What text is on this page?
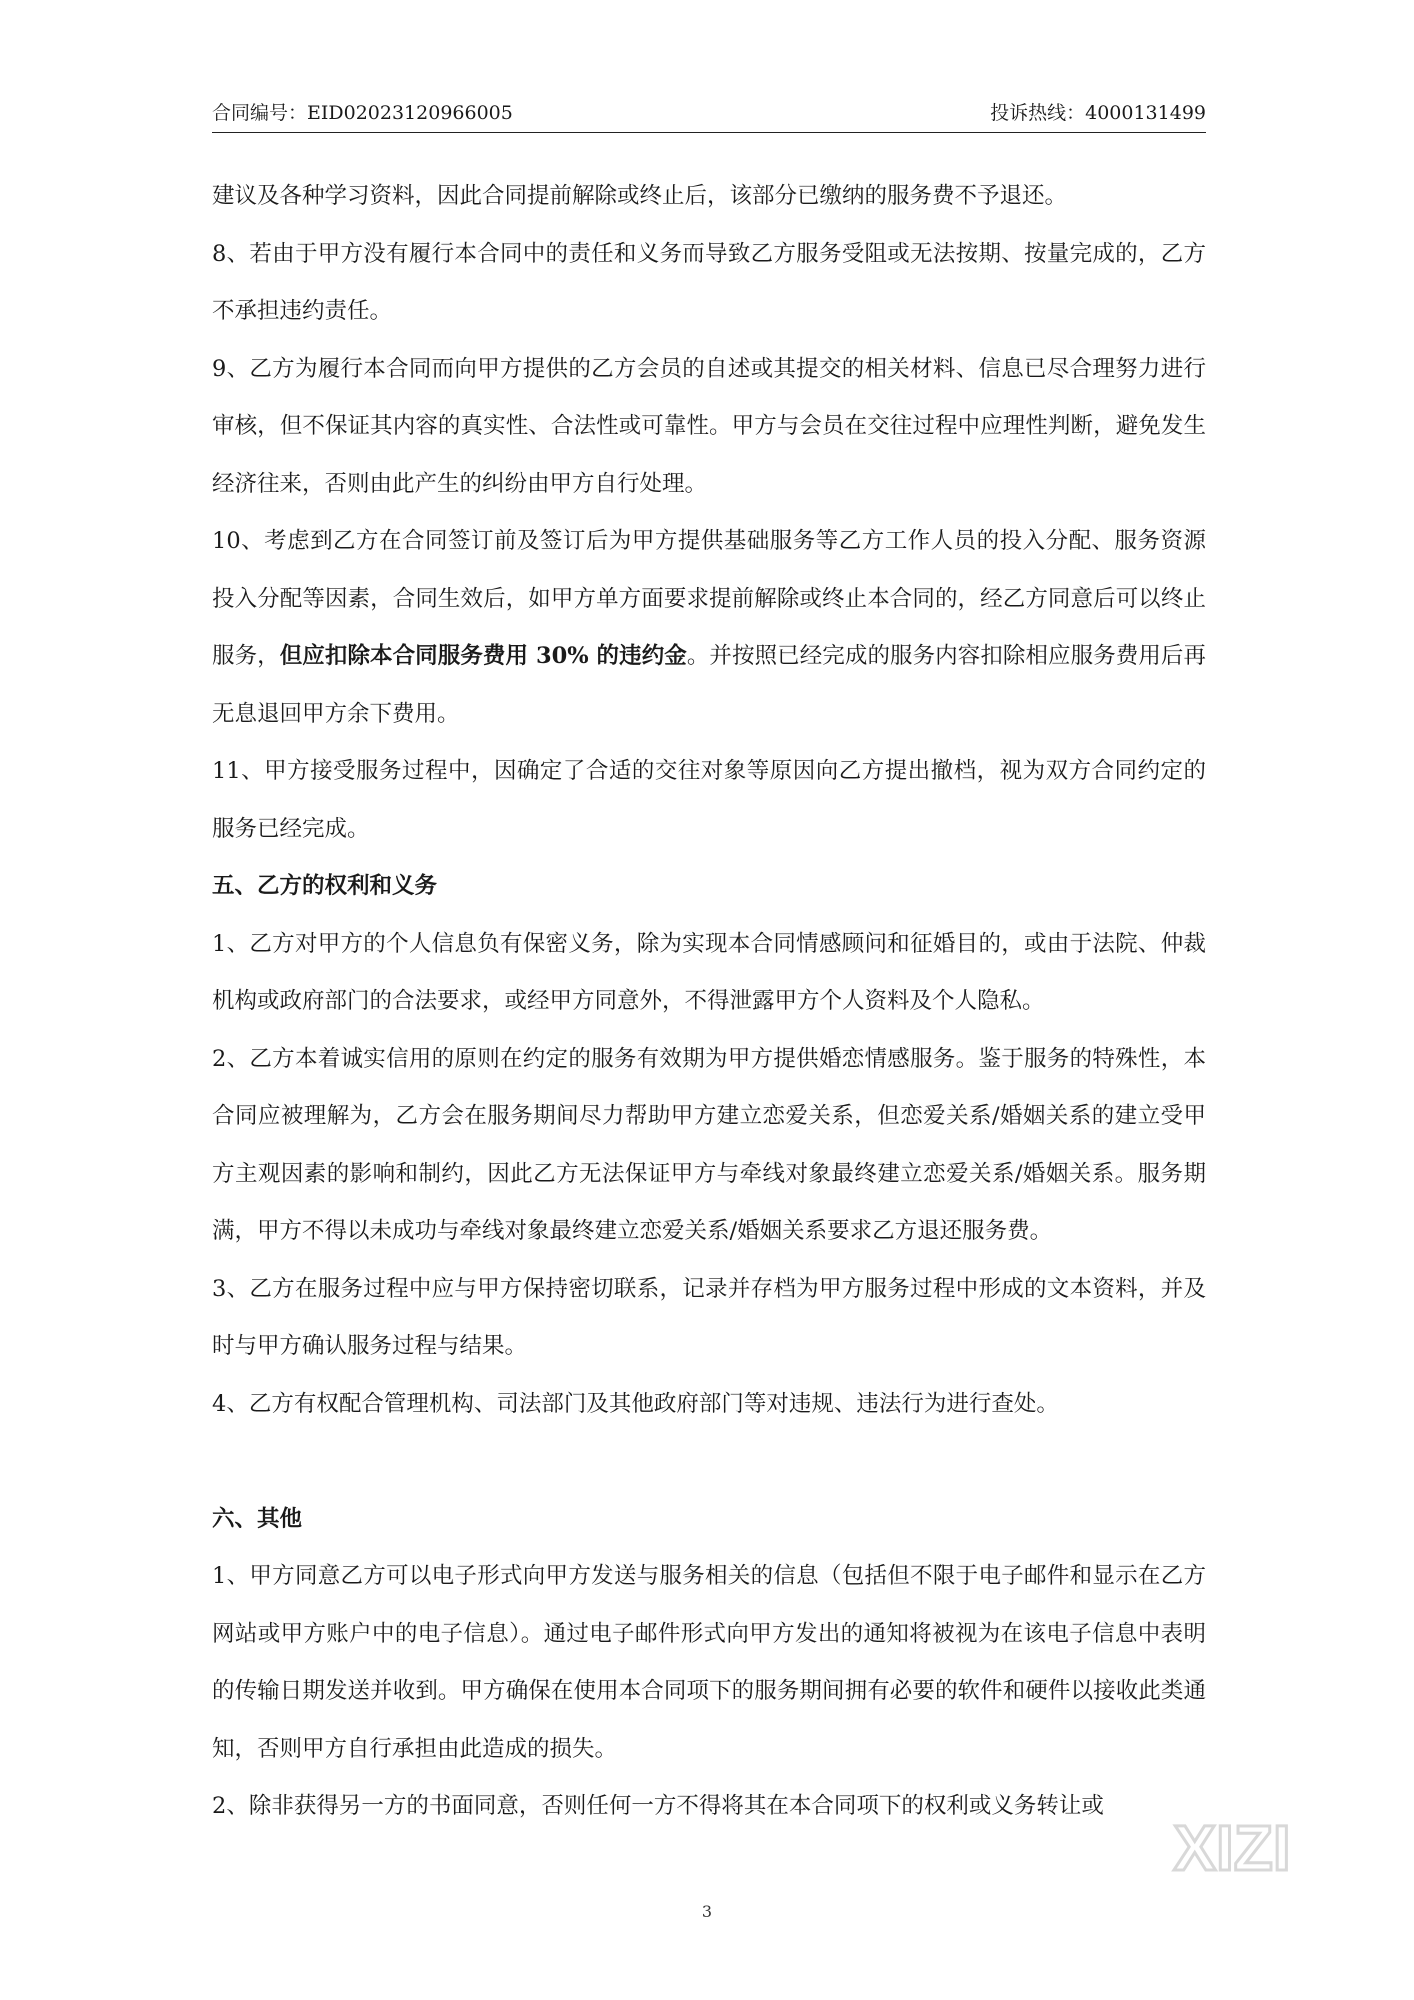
合同编号：EID02023120966005	投诉热线：4000131499

建议及各种学习资料，因此合同提前解除或终止后，该部分已缴纳的服务费不予退还。

8、若由于甲方没有履行本合同中的责任和义务而导致乙方服务受阻或无法按期、按量完成的，乙方不承担违约责任。

9、乙方为履行本合同而向甲方提供的乙方会员的自述或其提交的相关材料、信息已尽合理努力进行审核，但不保证其内容的真实性、合法性或可靠性。甲方与会员在交往过程中应理性判断，避免发生经济往来，否则由此产生的纠纷由甲方自行处理。

10、考虑到乙方在合同签订前及签订后为甲方提供基础服务等乙方工作人员的投入分配、服务资源投入分配等因素，合同生效后，如甲方单方面要求提前解除或终止本合同的，经乙方同意后可以终止服务，但应扣除本合同服务费用 30% 的违约金。并按照已经完成的服务内容扣除相应服务费用后再无息退回甲方余下费用。

11、甲方接受服务过程中，因确定了合适的交往对象等原因向乙方提出撤档，视为双方合同约定的服务已经完成。

五、乙方的权利和义务

1、乙方对甲方的个人信息负有保密义务，除为实现本合同情感顾问和征婚目的，或由于法院、仲裁机构或政府部门的合法要求，或经甲方同意外，不得泄露甲方个人资料及个人隐私。

2、乙方本着诚实信用的原则在约定的服务有效期为甲方提供婚恋情感服务。鉴于服务的特殊性，本合同应被理解为，乙方会在服务期间尽力帮助甲方建立恋爱关系，但恋爱关系/婚姻关系的建立受甲方主观因素的影响和制约，因此乙方无法保证甲方与牵线对象最终建立恋爱关系/婚姻关系。服务期满，甲方不得以未成功与牵线对象最终建立恋爱关系/婚姻关系要求乙方退还服务费。

3、乙方在服务过程中应与甲方保持密切联系，记录并存档为甲方服务过程中形成的文本资料，并及时与甲方确认服务过程与结果。

4、乙方有权配合管理机构、司法部门及其他政府部门等对违规、违法行为进行查处。

六、其他

1、甲方同意乙方可以电子形式向甲方发送与服务相关的信息（包括但不限于电子邮件和显示在乙方网站或甲方账户中的电子信息）。通过电子邮件形式向甲方发出的通知将被视为在该电子信息中表明的传输日期发送并收到。甲方确保在使用本合同项下的服务期间拥有必要的软件和硬件以接收此类通知，否则甲方自行承担由此造成的损失。

2、除非获得另一方的书面同意，否则任何一方不得将其在本合同项下的权利或义务转让或

XIZI
3
